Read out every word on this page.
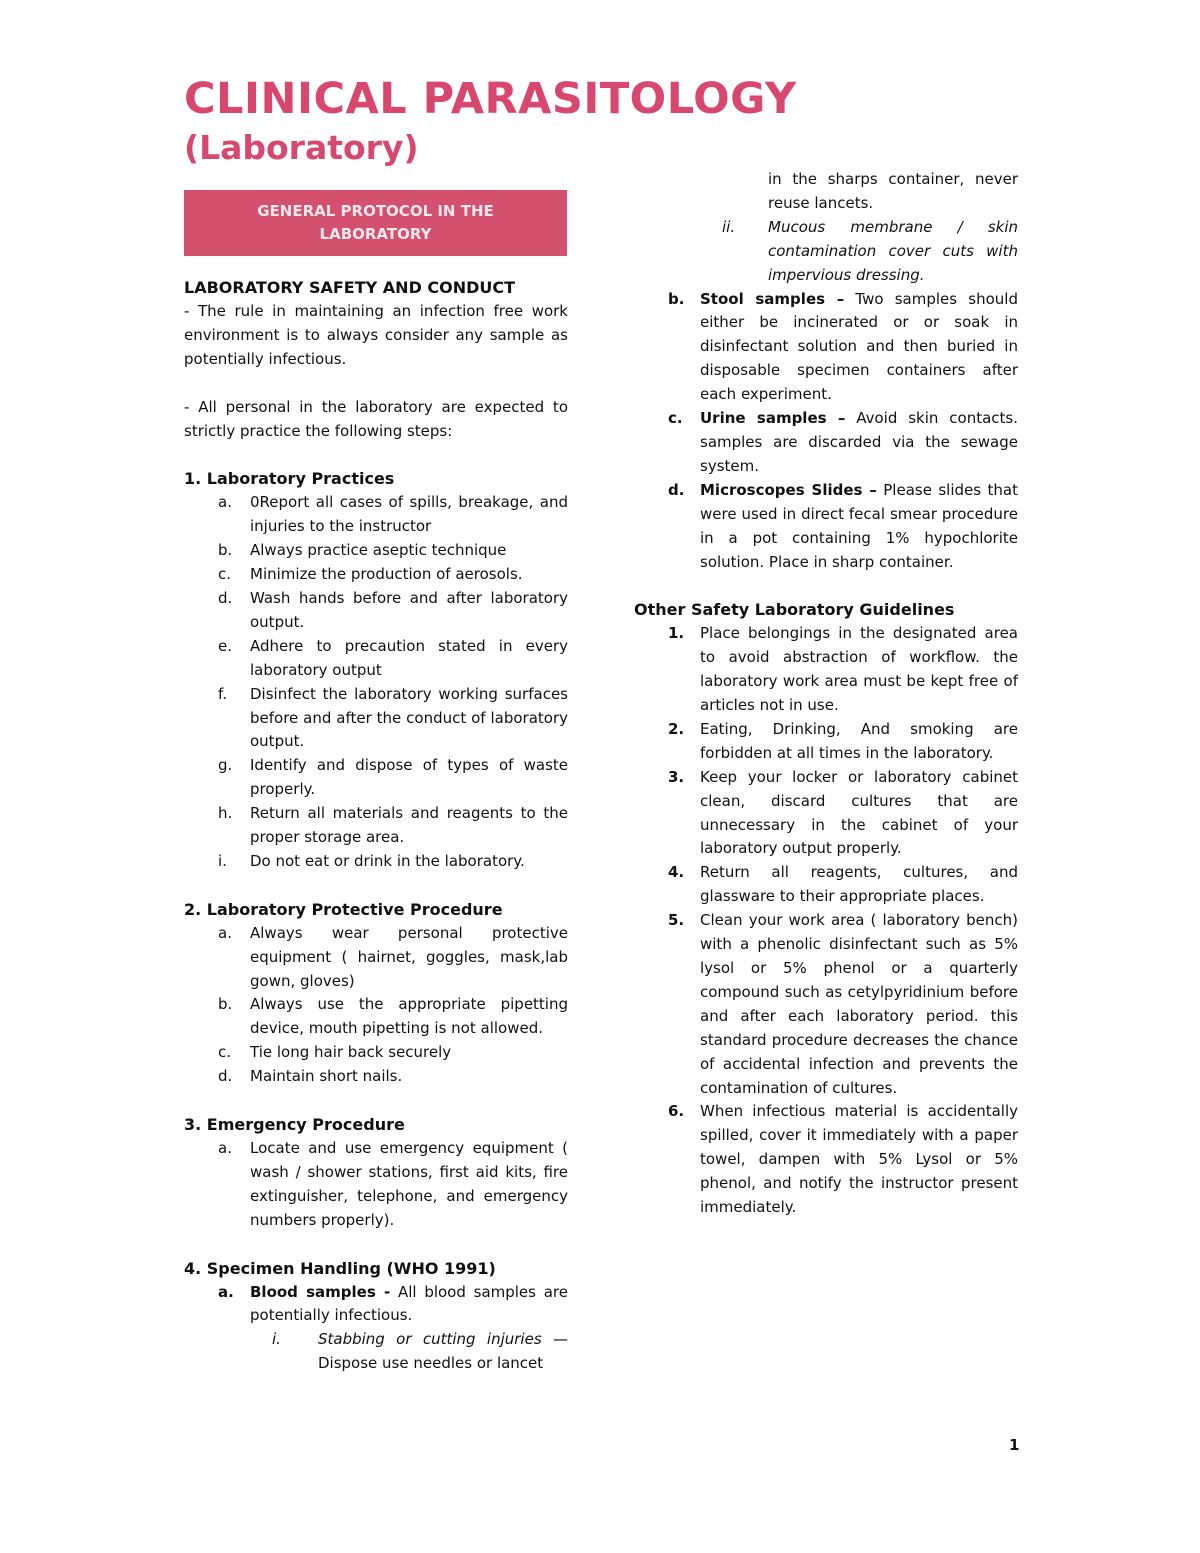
CLINICAL PARASITOLOGY
(Laboratory)
GENERAL PROTOCOL IN THE LABORATORY

LABORATORY SAFETY AND CONDUCT

- The rule in maintaining an infection free work environment is to always consider any sample as potentially infectious.

- All personal in the laboratory are expected to strictly practice the following steps:

1. Laboratory Practices

a.	0Report all cases of spills, breakage, and injuries to the instructor
b.	Always practice aseptic technique
c.	Minimize the production of aerosols.
d.	Wash hands before and after laboratory output.
e.	Adhere to precaution stated in every laboratory output
f.	Disinfect the laboratory working surfaces before and after the conduct of laboratory output.
g.	Identify and dispose of types of waste properly.
h.	Return all materials and reagents to the proper storage area.
i.	Do not eat or drink in the laboratory.

2. Laboratory Protective Procedure

a.	Always wear personal protective equipment ( hairnet, goggles, mask,lab gown, gloves)
b.	Always use the appropriate pipetting device, mouth pipetting is not allowed.
c.	Tie long hair back securely
d.	Maintain short nails.

3. Emergency Procedure

a.	Locate and use emergency equipment ( wash / shower stations, first aid kits, fire extinguisher, telephone, and emergency numbers properly).

4. Specimen Handling (WHO 1991)

a.	Blood samples - All blood samples are potentially infectious.
i.	Stabbing or cutting injuries — Dispose use needles or lancet
in the sharps container, never reuse lancets.
ii.	Mucous membrane / skin contamination cover cuts with impervious dressing.
b.	Stool samples – Two samples should either be incinerated or or soak in disinfectant solution and then buried in disposable specimen containers after each experiment.
c.	Urine samples – Avoid skin contacts. samples are discarded via the sewage system.
d.	Microscopes Slides – Please slides that were used in direct fecal smear procedure in a pot containing 1% hypochlorite solution. Place in sharp container.

Other Safety Laboratory Guidelines

1.	Place belongings in the designated area to avoid abstraction of workflow. the laboratory work area must be kept free of articles not in use.
2.	Eating, Drinking, And smoking are forbidden at all times in the laboratory.
3.	Keep your locker or laboratory cabinet clean, discard cultures that are unnecessary in the cabinet of your laboratory output properly.
4.	Return all reagents, cultures, and glassware to their appropriate places.
5.	Clean your work area ( laboratory bench) with a phenolic disinfectant such as 5% lysol or 5% phenol or a quarterly compound such as cetylpyridinium before and after each laboratory period. this standard procedure decreases the chance of accidental infection and prevents the contamination of cultures.
6.	When infectious material is accidentally spilled, cover it immediately with a paper towel, dampen with 5% Lysol or 5% phenol, and notify the instructor present immediately.
1
